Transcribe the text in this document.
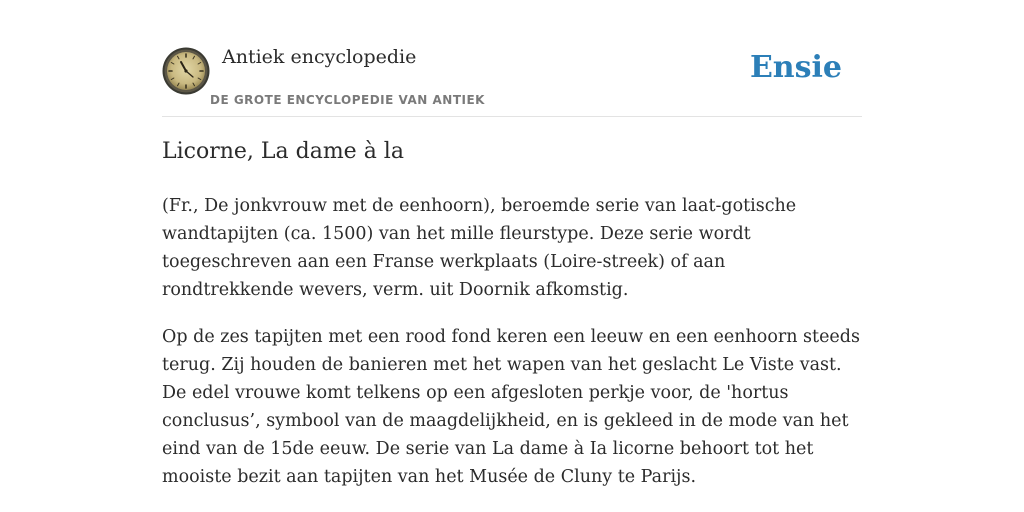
Antiek encyclopedie
DE GROTE ENCYCLOPEDIE VAN ANTIEK
Ensie
Licorne, La dame à la

(Fr., De jonkvrouw met de eenhoorn), beroemde serie van laat-gotische wandtapijten (ca. 1500) van het mille fleurstype. Deze serie wordt toegeschreven aan een Franse werkplaats (Loire-streek) of aan rondtrekkende wevers, verm. uit Doornik afkomstig.

Op de zes tapijten met een rood fond keren een leeuw en een eenhoorn steeds terug. Zij houden de banieren met het wapen van het geslacht Le Viste vast. De edel vrouwe komt telkens op een afgesloten perkje voor, de 'hortus conclusus’, symbool van de maagdelijkheid, en is gekleed in de mode van het eind van de 15de eeuw. De serie van La dame à Ia licorne behoort tot het mooiste bezit aan tapijten van het Musée de Cluny te Parijs.
